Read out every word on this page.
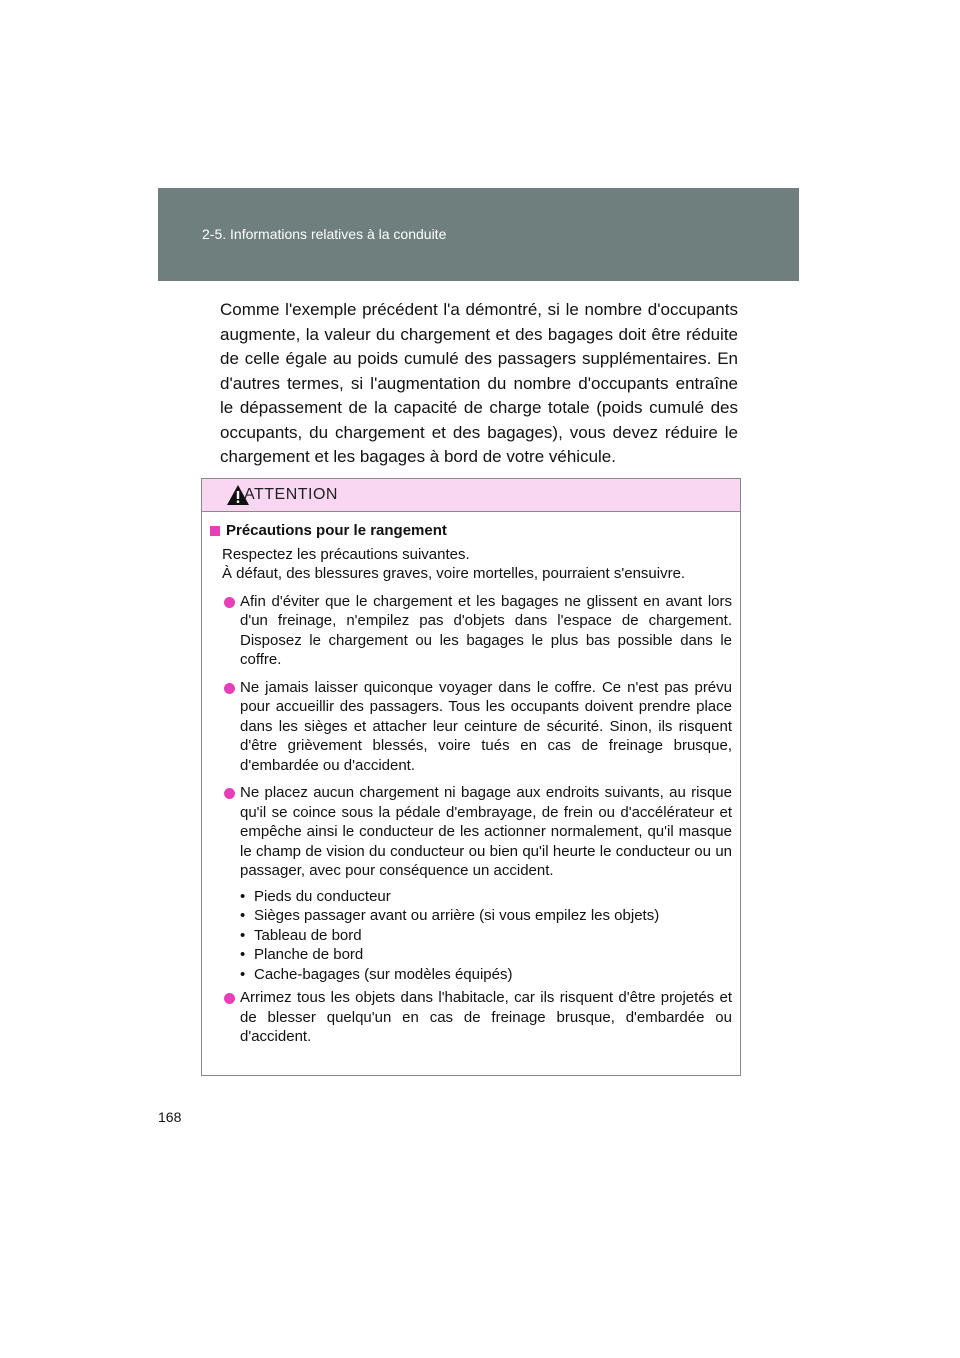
2-5. Informations relatives à la conduite
Comme l'exemple précédent l'a démontré, si le nombre d'occupants augmente, la valeur du chargement et des bagages doit être réduite de celle égale au poids cumulé des passagers supplémentaires. En d'autres termes, si l'augmentation du nombre d'occupants entraîne le dépassement de la capacité de charge totale (poids cumulé des occupants, du chargement et des bagages), vous devez réduire le chargement et les bagages à bord de votre véhicule.
ATTENTION
Précautions pour le rangement
Respectez les précautions suivantes.
À défaut, des blessures graves, voire mortelles, pourraient s'ensuivre.
Afin d'éviter que le chargement et les bagages ne glissent en avant lors d'un freinage, n'empilez pas d'objets dans l'espace de chargement. Disposez le chargement ou les bagages le plus bas possible dans le coffre.
Ne jamais laisser quiconque voyager dans le coffre. Ce n'est pas prévu pour accueillir des passagers. Tous les occupants doivent prendre place dans les sièges et attacher leur ceinture de sécurité. Sinon, ils risquent d'être grièvement blessés, voire tués en cas de freinage brusque, d'embardée ou d'accident.
Ne placez aucun chargement ni bagage aux endroits suivants, au risque qu'il se coince sous la pédale d'embrayage, de frein ou d'accélérateur et empêche ainsi le conducteur de les actionner normalement, qu'il masque le champ de vision du conducteur ou bien qu'il heurte le conducteur ou un passager, avec pour conséquence un accident.
• Pieds du conducteur
• Sièges passager avant ou arrière (si vous empilez les objets)
• Tableau de bord
• Planche de bord
• Cache-bagages (sur modèles équipés)
Arrimez tous les objets dans l'habitacle, car ils risquent d'être projetés et de blesser quelqu'un en cas de freinage brusque, d'embardée ou d'accident.
168
